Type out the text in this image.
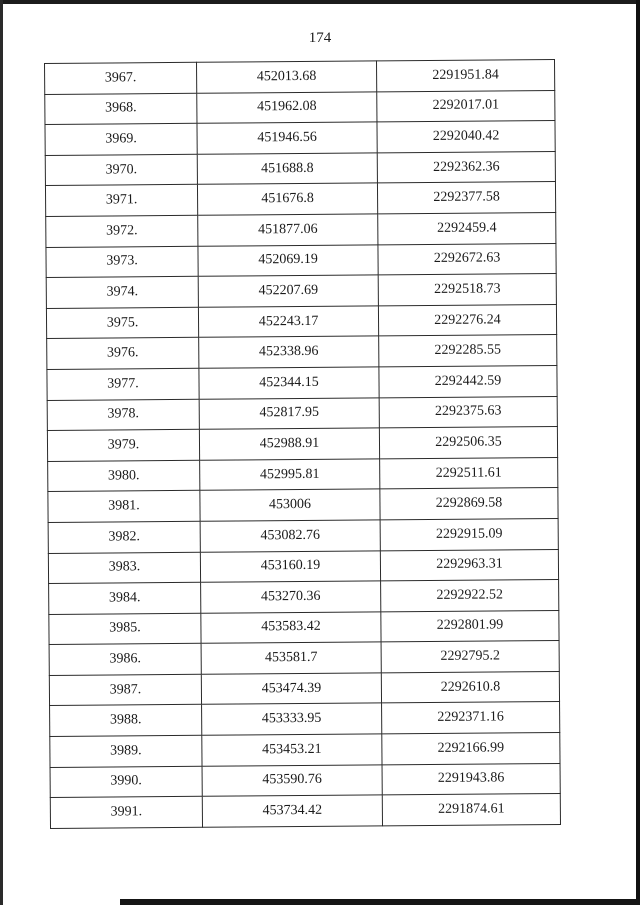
174
3967.	452013.68	2291951.84
3968.	451962.08	2292017.01
3969.	451946.56	2292040.42
3970.	451688.8	2292362.36
3971.	451676.8	2292377.58
3972.	451877.06	2292459.4
3973.	452069.19	2292672.63
3974.	452207.69	2292518.73
3975.	452243.17	2292276.24
3976.	452338.96	2292285.55
3977.	452344.15	2292442.59
3978.	452817.95	2292375.63
3979.	452988.91	2292506.35
3980.	452995.81	2292511.61
3981.	453006	2292869.58
3982.	453082.76	2292915.09
3983.	453160.19	2292963.31
3984.	453270.36	2292922.52
3985.	453583.42	2292801.99
3986.	453581.7	2292795.2
3987.	453474.39	2292610.8
3988.	453333.95	2292371.16
3989.	453453.21	2292166.99
3990.	453590.76	2291943.86
3991.	453734.42	2291874.61
